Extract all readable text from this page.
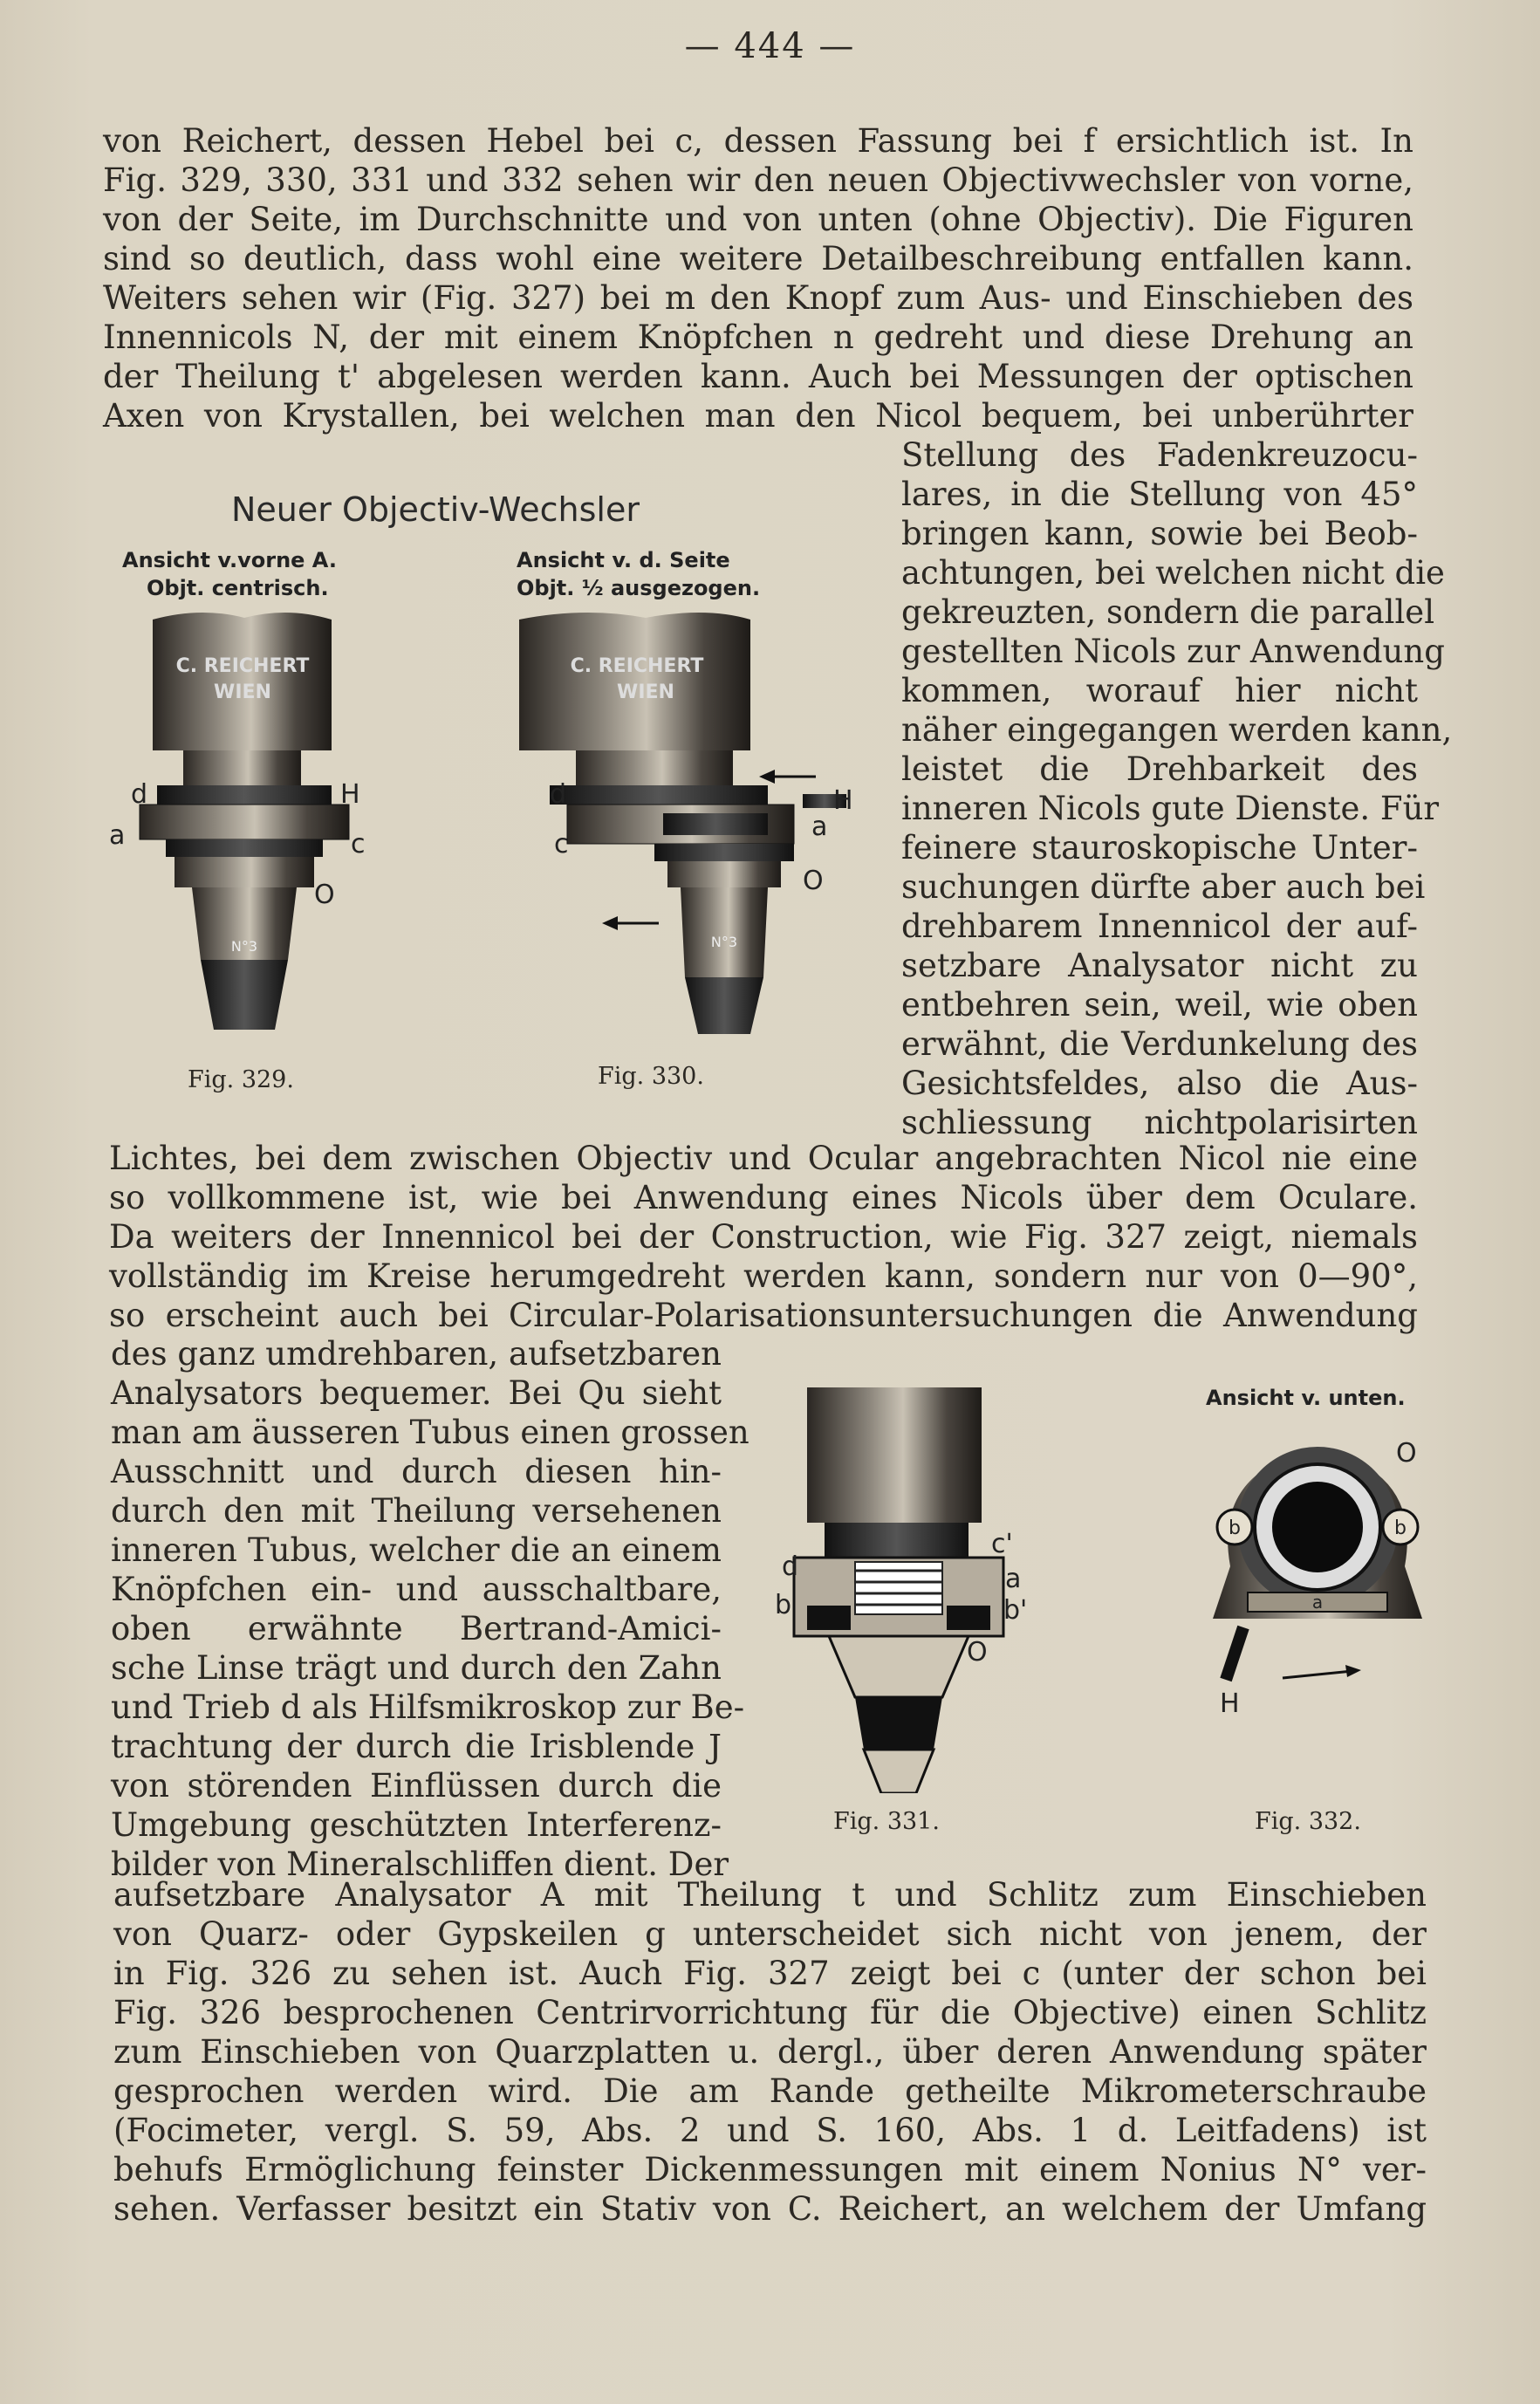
— 444 —
von Reichert, dessen Hebel bei c, dessen Fassung bei f ersichtlich ist. In
Fig. 329, 330, 331 und 332 sehen wir den neuen Objectivwechsler von vorne,
von der Seite, im Durchschnitte und von unten (ohne Objectiv). Die Figuren
sind so deutlich, dass wohl eine weitere Detailbeschreibung entfallen kann.
Weiters sehen wir (Fig. 327) bei m den Knopf zum Aus- und Einschieben des
Innennicols N, der mit einem Knöpfchen n gedreht und diese Drehung an
der Theilung t' abgelesen werden kann. Auch bei Messungen der optischen
Axen von Krystallen, bei welchen man den Nicol bequem, bei unberührter
Stellung des Fadenkreuzocu-
lares, in die Stellung von 45°
bringen kann, sowie bei Beob-
achtungen, bei welchen nicht die
gekreuzten, sondern die parallel
gestellten Nicols zur Anwendung
kommen, worauf hier nicht
näher eingegangen werden kann,
leistet die Drehbarkeit des
inneren Nicols gute Dienste. Für
feinere stauroskopische Unter-
suchungen dürfte aber auch bei
drehbarem Innennicol der auf-
setzbare Analysator nicht zu
entbehren sein, weil, wie oben
erwähnt, die Verdunkelung des
Gesichtsfeldes, also die Aus-
schliessung nichtpolarisirten
Lichtes, bei dem zwischen Objectiv und Ocular angebrachten Nicol nie eine
so vollkommene ist, wie bei Anwendung eines Nicols über dem Oculare.
Da weiters der Innennicol bei der Construction, wie Fig. 327 zeigt, niemals
vollständig im Kreise herumgedreht werden kann, sondern nur von 0—90°,
so erscheint auch bei Circular-Polarisationsuntersuchungen die Anwendung
des ganz umdrehbaren, aufsetzbaren
Analysators bequemer. Bei Qu sieht
man am äusseren Tubus einen grossen
Ausschnitt und durch diesen hin-
durch den mit Theilung versehenen
inneren Tubus, welcher die an einem
Knöpfchen ein- und ausschaltbare,
oben erwähnte Bertrand-Amici-
sche Linse trägt und durch den Zahn
und Trieb d als Hilfsmikroskop zur Be-
trachtung der durch die Irisblende J
von störenden Einflüssen durch die
Umgebung geschützten Interferenz-
bilder von Mineralschliffen dient. Der
aufsetzbare Analysator A mit Theilung t und Schlitz zum Einschieben
von Quarz- oder Gypskeilen g unterscheidet sich nicht von jenem, der
in Fig. 326 zu sehen ist. Auch Fig. 327 zeigt bei c (unter der schon bei
Fig. 326 besprochenen Centrirvorrichtung für die Objective) einen Schlitz
zum Einschieben von Quarzplatten u. dergl., über deren Anwendung später
gesprochen werden wird. Die am Rande getheilte Mikrometerschraube
(Focimeter, vergl. S. 59, Abs. 2 und S. 160, Abs. 1 d. Leitfadens) ist
behufs Ermöglichung feinster Dickenmessungen mit einem Nonius N° ver-
sehen. Verfasser besitzt ein Stativ von C. Reichert, an welchem der Umfang
Neuer Objectiv-Wechsler
Ansicht v.vorne A.
Objt. centrisch.
C. REICHERT
WIEN
N°3
d	H
a	c
O
Fig. 329.
Ansicht v. d. Seite
Objt. ½ ausgezogen.
C. REICHERT
WIEN
N°3
d	H
a
c
O
Fig. 330.
c'
d	a
b	b'
O
Fig. 331.
Ansicht v. unten.
b	b
a
O
H
Fig. 332.
